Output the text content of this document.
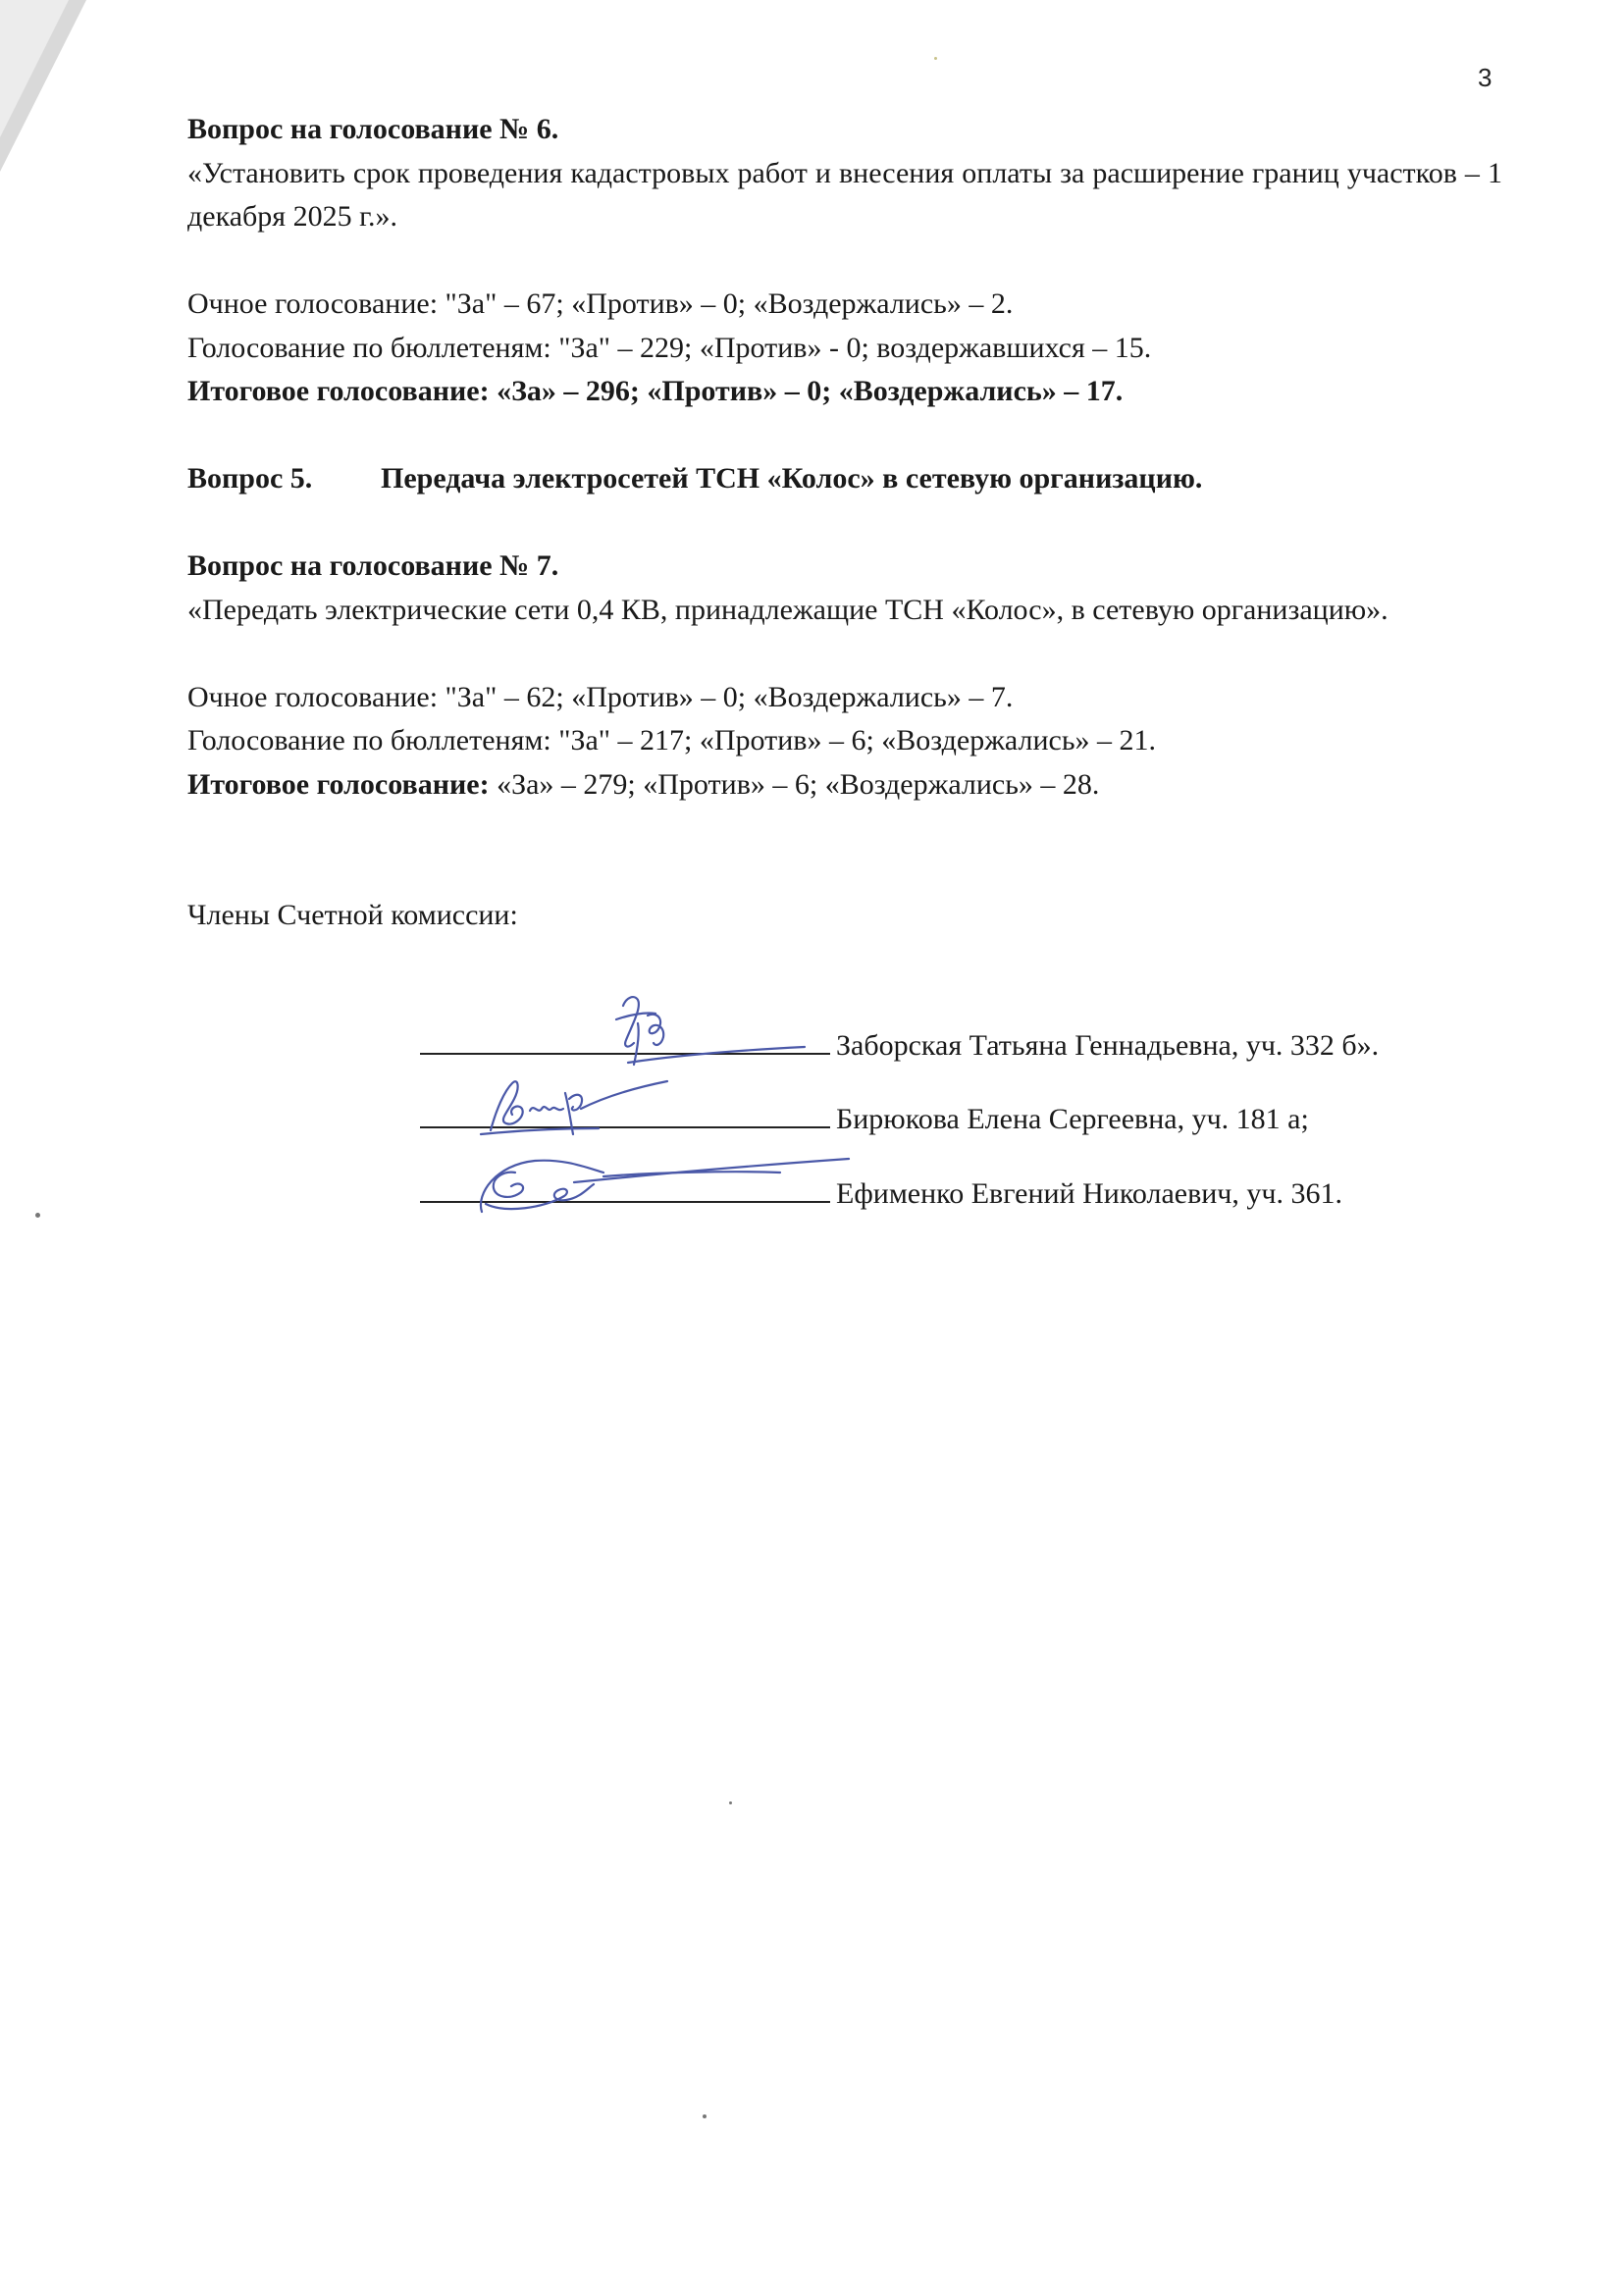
3

Вопрос на голосование № 6.

«Установить срок проведения кадастровых работ и внесения оплаты за расширение границ участков – 1 декабря 2025 г.».

Очное голосование: "За" – 67; «Против» – 0; «Воздержались» – 2.

Голосование по бюллетеням: "За" – 229; «Против» - 0; воздержавшихся – 15.

Итоговое голосование: «За» – 296; «Против» – 0; «Воздержались» – 17.

Вопрос 5. Передача электросетей ТСН «Колос» в сетевую организацию.

Вопрос на голосование № 7.

«Передать электрические сети 0,4 КВ, принадлежащие ТСН «Колос», в сетевую организацию».

Очное голосование: "За" – 62; «Против» – 0; «Воздержались» – 7.

Голосование по бюллетеням: "За" – 217; «Против» – 6; «Воздержались» – 21.

Итоговое голосование: «За» – 279; «Против» – 6; «Воздержались» – 28.

Члены Счетной комиссии:

Заборская Татьяна Геннадьевна, уч. 332 б».
Бирюкова Елена Сергеевна, уч. 181 а;
Ефименко Евгений Николаевич, уч. 361.
